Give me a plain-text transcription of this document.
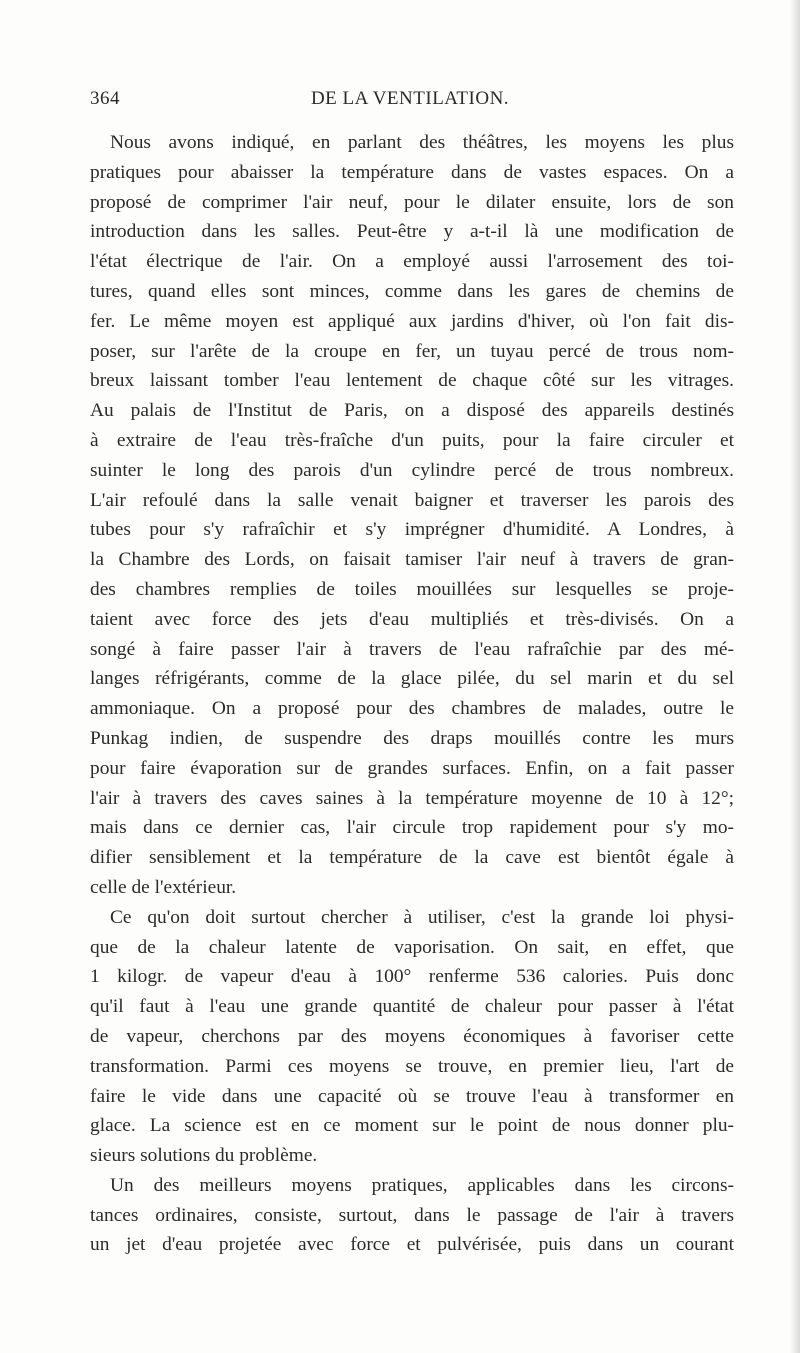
364	DE LA VENTILATION.
Nous avons indiqué, en parlant des théâtres, les moyens les plus
pratiques pour abaisser la température dans de vastes espaces. On a
proposé de comprimer l'air neuf, pour le dilater ensuite, lors de son
introduction dans les salles. Peut-être y a-t-il là une modification de
l'état électrique de l'air. On a employé aussi l'arrosement des toi-
tures, quand elles sont minces, comme dans les gares de chemins de
fer. Le même moyen est appliqué aux jardins d'hiver, où l'on fait dis-
poser, sur l'arête de la croupe en fer, un tuyau percé de trous nom-
breux laissant tomber l'eau lentement de chaque côté sur les vitrages.
Au palais de l'Institut de Paris, on a disposé des appareils destinés
à extraire de l'eau très-fraîche d'un puits, pour la faire circuler et
suinter le long des parois d'un cylindre percé de trous nombreux.
L'air refoulé dans la salle venait baigner et traverser les parois des
tubes pour s'y rafraîchir et s'y imprégner d'humidité. A Londres, à
la Chambre des Lords, on faisait tamiser l'air neuf à travers de gran-
des chambres remplies de toiles mouillées sur lesquelles se proje-
taient avec force des jets d'eau multipliés et très-divisés. On a
songé à faire passer l'air à travers de l'eau rafraîchie par des mé-
langes réfrigérants, comme de la glace pilée, du sel marin et du sel
ammoniaque. On a proposé pour des chambres de malades, outre le
Punkag indien, de suspendre des draps mouillés contre les murs
pour faire évaporation sur de grandes surfaces. Enfin, on a fait passer
l'air à travers des caves saines à la température moyenne de 10 à 12°;
mais dans ce dernier cas, l'air circule trop rapidement pour s'y mo-
difier sensiblement et la température de la cave est bientôt égale à
celle de l'extérieur.
Ce qu'on doit surtout chercher à utiliser, c'est la grande loi physi-
que de la chaleur latente de vaporisation. On sait, en effet, que
1 kilogr. de vapeur d'eau à 100° renferme 536 calories. Puis donc
qu'il faut à l'eau une grande quantité de chaleur pour passer à l'état
de vapeur, cherchons par des moyens économiques à favoriser cette
transformation. Parmi ces moyens se trouve, en premier lieu, l'art de
faire le vide dans une capacité où se trouve l'eau à transformer en
glace. La science est en ce moment sur le point de nous donner plu-
sieurs solutions du problème.
Un des meilleurs moyens pratiques, applicables dans les circons-
tances ordinaires, consiste, surtout, dans le passage de l'air à travers
un jet d'eau projetée avec force et pulvérisée, puis dans un courant
